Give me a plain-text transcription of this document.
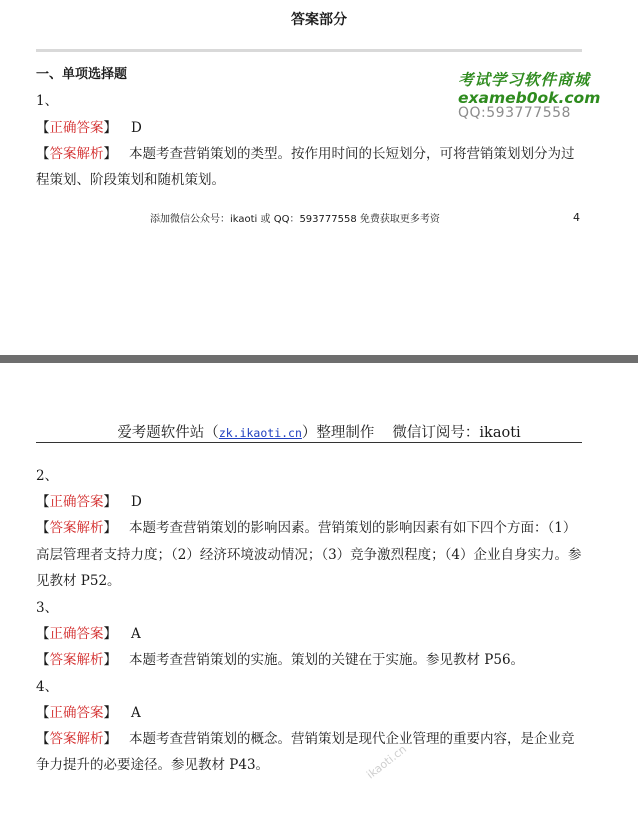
答案部分
一、单项选择题	考试学习软件商城
exameb0ok.com
QQ:593777558
1、
【正确答案】 D
【答案解析】 本题考查营销策划的类型。按作用时间的长短划分，可将营销策划划分为过
程策划、阶段策划和随机策划。
添加微信公众号：ikaoti 或 QQ：593777558 免费获取更多考资	4
爱考题软件站（zk.ikaoti.cn）整理制作 微信订阅号：ikaoti
2、
【正确答案】 D
【答案解析】 本题考查营销策划的影响因素。营销策划的影响因素有如下四个方面：（1）
高层管理者支持力度；（2）经济环境波动情况；（3）竞争激烈程度；（4）企业自身实力。参
见教材 P52。
3、
【正确答案】 A
【答案解析】 本题考查营销策划的实施。策划的关键在于实施。参见教材 P56。
4、
【正确答案】 A
【答案解析】 本题考查营销策划的概念。营销策划是现代企业管理的重要内容，是企业竞
争力提升的必要途径。参见教材 P43。	ikaoti.cn
